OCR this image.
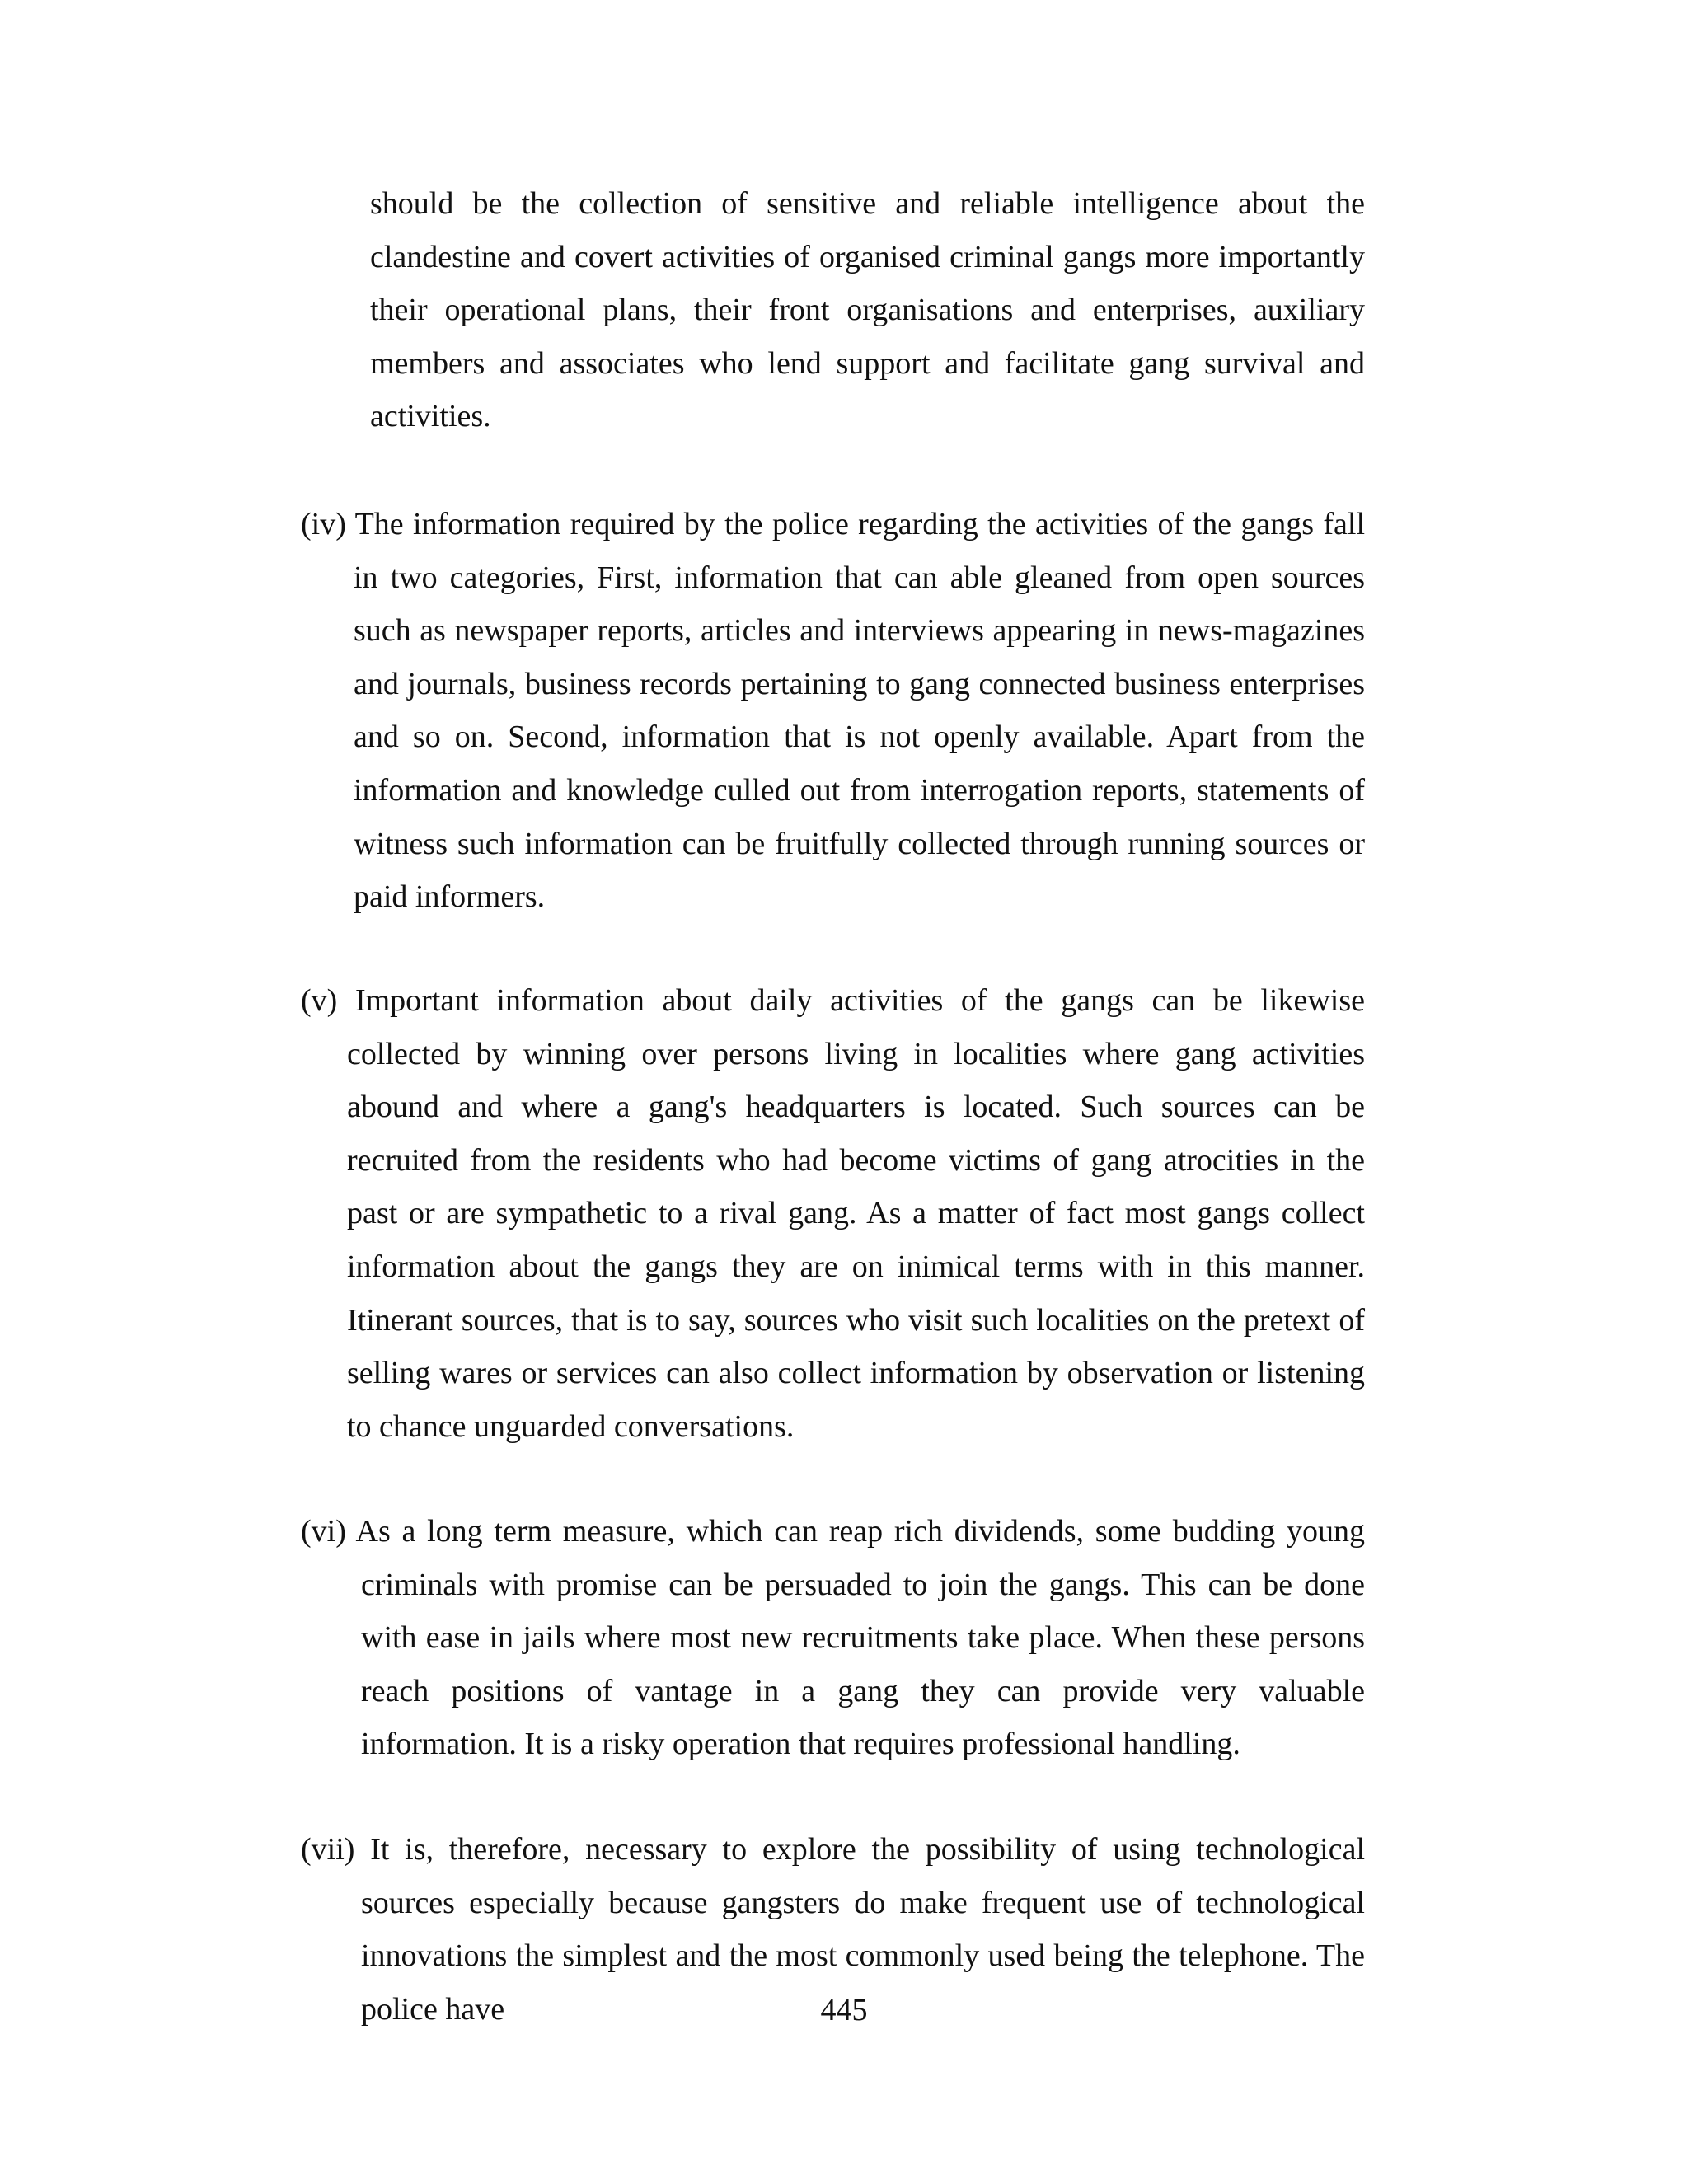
should be the collection of sensitive and reliable intelligence about the clandestine and covert activities of organised criminal gangs more importantly their operational plans, their front organisations and enterprises, auxiliary members and associates who lend support and facilitate gang survival and activities.

(iv) The information required by the police regarding the activities of the gangs fall in two categories, First, information that can able gleaned from open sources such as newspaper reports, articles and interviews appearing in news-magazines and journals, business records pertaining to gang connected business enterprises and so on. Second, information that is not openly available. Apart from the information and knowledge culled out from interrogation reports, statements of witness such information can be fruitfully collected through running sources or paid informers.

(v) Important information about daily activities of the gangs can be likewise collected by winning over persons living in localities where gang activities abound and where a gang's headquarters is located. Such sources can be recruited from the residents who had become victims of gang atrocities in the past or are sympathetic to a rival gang. As a matter of fact most gangs collect information about the gangs they are on inimical terms with in this manner. Itinerant sources, that is to say, sources who visit such localities on the pretext of selling wares or services can also collect information by observation or listening to chance unguarded conversations.

(vi) As a long term measure, which can reap rich dividends, some budding young criminals with promise can be persuaded to join the gangs. This can be done with ease in jails where most new recruitments take place. When these persons reach positions of vantage in a gang they can provide very valuable information. It is a risky operation that requires professional handling.

(vii) It is, therefore, necessary to explore the possibility of using technological sources especially because gangsters do make frequent use of technological innovations the simplest and the most commonly used being the telephone. The police have	445
